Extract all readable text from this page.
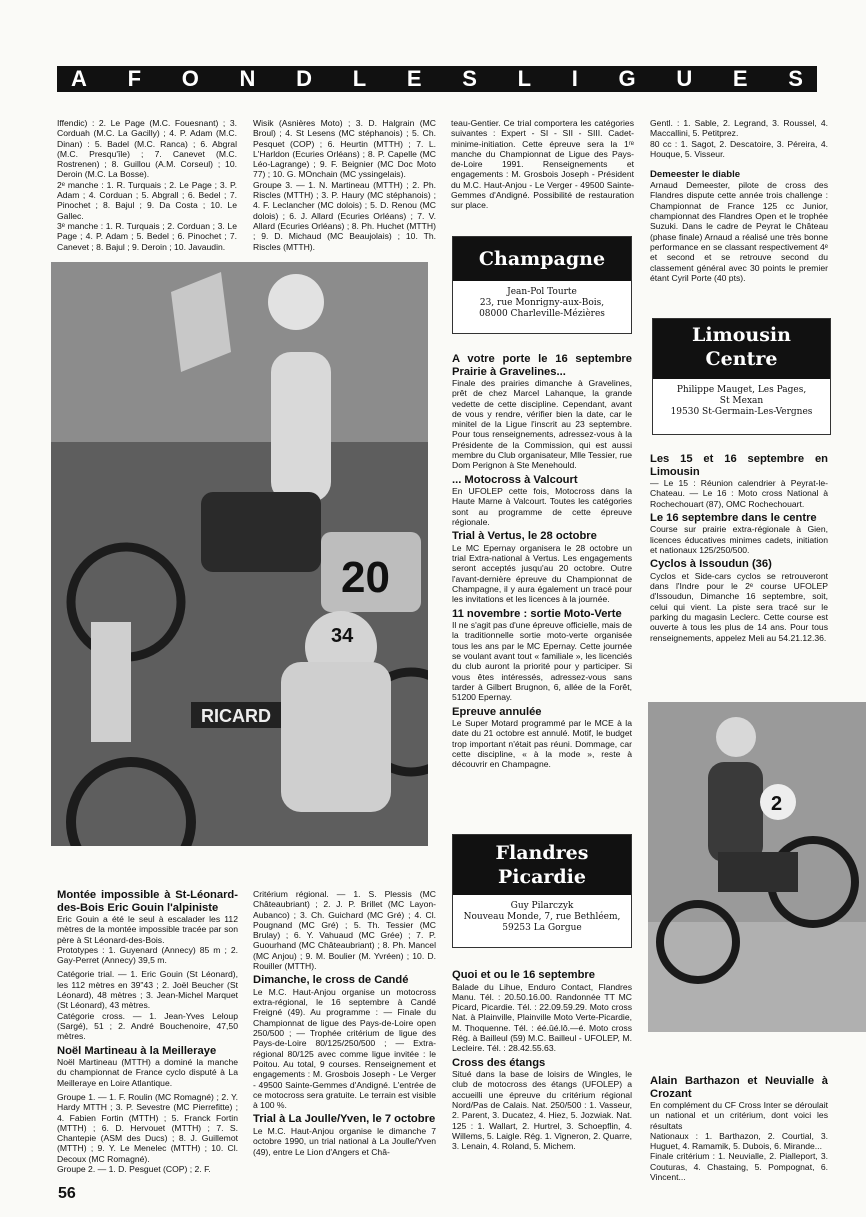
A F O N D L E S L I G U E S

Iffendic) : 2. Le Page (M.C. Fouesnant) ; 3. Corduah (M.C. La Gacilly) ; 4. P. Adam (M.C. Dinan) : 5. Badel (M.C. Ranca) ; 6. Abgral (M.C. Presqu'île) ; 7. Canevet (M.C. Rostrenen) ; 8. Guillou (A.M. Corseul) ; 10. Deroin (M.C. La Bosse).

2ᵉ manche : 1. R. Turquais ; 2. Le Page ; 3. P. Adam ; 4. Corduan ; 5. Abgrall ; 6. Bedel ; 7. Pinochet ; 8. Bajul ; 9. Da Costa ; 10. Le Gallec.

3ᵉ manche : 1. R. Turquais ; 2. Corduan ; 3. Le Page ; 4. P. Adam ; 5. Bedel ; 6. Pinochet ; 7. Canevet ; 8. Bajul ; 9. Deroin ; 10. Javaudin.

Wisik (Asnières Moto) ; 3. D. Halgrain (MC Broul) ; 4. St Lesens (MC stéphanois) ; 5. Ch. Pesquet (COP) ; 6. Heurtin (MTTH) ; 7. L. L'Harldon (Ecuries Orléans) ; 8. P. Capelle (MC Léo-Lagrange) ; 9. F. Beignier (MC Doc Moto 77) ; 10. G. MOnchain (MC yssingelais).

Groupe 3. — 1. N. Martineau (MTTH) ; 2. Ph. Riscles (MTTH) ; 3. P. Haury (MC stéphanois) ; 4. F. Leclancher (MC dolois) ; 5. D. Renou (MC dolois) ; 6. J. Allard (Ecuries Orléans) ; 7. V. Allard (Ecuries Orléans) ; 8. Ph. Huchet (MTTH) ; 9. D. Michaud (MC Beaujolais) ; 10. Th. Riscles (MTTH).

teau-Gentier. Ce trial comportera les catégories suivantes : Expert - SI - SII - SIII. Cadet-minime-initiation. Cette épreuve sera la 1ʳᵉ manche du Championnat de Ligue des Pays-de-Loire 1991. Renseignements et engagements : M. Grosbois Joseph - Président du M.C. Haut-Anjou - Le Verger - 49500 Sainte-Gemmes d'Andigné. Possibilité de restauration sur place.

20
34
RICARD
Champagne
Jean-Pol Tourte
23, rue Monrigny-aux-Bois,
08000 Charleville-Mézières

A votre porte le 16 septembre Prairie à Gravelines...

Finale des prairies dimanche à Gravelines, prêt de chez Marcel Lahanque, la grande vedette de cette discipline. Cependant, avant de vous y rendre, vérifier bien la date, car le minitel de la Ligue l'inscrit au 23 septembre. Pour tous renseignements, adressez-vous à la Présidente de la Commission, qui est aussi membre du Club organisateur, Mlle Tessier, rue Dom Perignon à Ste Menehould.

... Motocross à Valcourt

En UFOLEP cette fois, Motocross dans la Haute Marne à Valcourt. Toutes les catégories sont au programme de cette épreuve régionale.

Trial à Vertus, le 28 octobre

Le MC Epernay organisera le 28 octobre un trial Extra-national à Vertus. Les engagements seront acceptés jusqu'au 20 octobre. Outre l'avant-dernière épreuve du Championnat de Champagne, il y aura également un tracé pour les invitations et les licences à la journée.

11 novembre : sortie Moto-Verte

Il ne s'agit pas d'une épreuve officielle, mais de la traditionnelle sortie moto-verte organisée tous les ans par le MC Epernay. Cette journée se voulant avant tout « familiale », les licenciés du club auront la priorité pour y participer. Si vous êtes intéressés, adressez-vous sans tarder à Gilbert Brugnon, 6, allée de la Forêt, 51200 Epernay.

Epreuve annulée

Le Super Motard programmé par le MCE à la date du 21 octobre est annulé. Motif, le budget trop important n'était pas réuni. Dommage, car cette discipline, « à la mode », reste à découvrir en Champagne.

Gentl. : 1. Sable, 2. Legrand, 3. Roussel, 4. Maccallini, 5. Petitprez.

80 cc : 1. Sagot, 2. Descatoire, 3. Péreira, 4. Houque, 5. Visseur.

Demeester le diable

Arnaud Demeester, pilote de cross des Flandres dispute cette année trois challenge : Championnat de France 125 cc Junior, championnat des Flandres Open et le trophée Suzuki. Dans le cadre de Peyrat le Château (phase finale) Arnaud a réalisé une très bonne performance en se classant respectivement 4ᵉ et second et se retrouve second du classement général avec 30 points le premier étant Cyril Porte (40 pts).

Limousin
Centre
Philippe Mauget, Les Pages,
St Mexan
19530 St-Germain-Les-Vergnes

Les 15 et 16 septembre en Limousin

— Le 15 : Réunion calendrier à Peyrat-le-Chateau. — Le 16 : Moto cross National à Rochechouart (87), OMC Rochechouart.

Le 16 septembre dans le centre

Course sur prairie extra-régionale à Gien, licences éducatives minimes cadets, initiation et nationaux 125/250/500.

Cyclos à Issoudun (36)

Cyclos et Side-cars cyclos se retrouveront dans l'Indre pour le 2ᵉ course UFOLEP d'Issoudun, Dimanche 16 septembre, soit, celui qui vient. La piste sera tracé sur le parking du magasin Leclerc. Cette course est ouverte à tous les plus de 14 ans. Pour tous renseignements, appelez Meli au 54.21.12.36.

2

Alain Barthazon et Neuvialle à Crozant

En complément du CF Cross Inter se déroulait un national et un critérium, dont voici les résultats

Nationaux : 1. Barthazon, 2. Courtial, 3. Huguet, 4. Ramamik, 5. Dubois, 6. Mirande...

Finale critérium : 1. Neuvialle, 2. Pialleport, 3. Couturas, 4. Chastaing, 5. Pompognat, 6. Vincent...

Montée impossible à St-Léonard-des-Bois Eric Gouin l'alpiniste

Eric Gouin a été le seul à escalader les 112 mètres de la montée impossible tracée par son père à St Léonard-des-Bois.

Prototypes : 1. Guyenard (Annecy) 85 m ; 2. Gay-Perret (Annecy) 39,5 m.

Catégorie trial. — 1. Eric Gouin (St Léonard), les 112 mètres en 39"43 ; 2. Joël Beucher (St Léonard), 48 mètres ; 3. Jean-Michel Marquet (St Léonard), 43 mètres.

Catégorie cross. — 1. Jean-Yves Leloup (Sargé), 51 ; 2. André Bouchenoire, 47,50 mètres.

Noël Martineau à la Meilleraye

Noël Martineau (MTTH) a dominé la manche du championnat de France cyclo disputé à La Meilleraye en Loire Atlantique.

Groupe 1. — 1. F. Roulin (MC Romagné) ; 2. Y. Hardy MTTH ; 3. P. Sevestre (MC Pierrefitte) ; 4. Fabien Fortin (MTTH) ; 5. Franck Fortin (MTTH) ; 6. D. Hervouet (MTTH) ; 7. S. Chantepie (ASM des Ducs) ; 8. J. Guillemot (MTTH) ; 9. Y. Le Menelec (MTTH) ; 10. Cl. Decoux (MC Romagné).

Groupe 2. — 1. D. Pesguet (COP) ; 2. F.

Critérium régional. — 1. S. Plessis (MC Châteaubriant) ; 2. J. P. Brillet (MC Layon-Aubanco) ; 3. Ch. Guichard (MC Gré) ; 4. Cl. Pougnand (MC Gré) ; 5. Th. Tessier (MC Brulay) ; 6. Y. Vahuaud (MC Grée) ; 7. P. Guourhand (MC Châteaubriant) ; 8. Ph. Mancel (MC Anjou) ; 9. M. Boulier (M. Yvréen) ; 10. D. Rouiller (MTTH).

Dimanche, le cross de Candé

Le M.C. Haut-Anjou organise un motocross extra-régional, le 16 septembre à Candé Freigné (49). Au programme : — Finale du Championnat de ligue des Pays-de-Loire open 250/500 ; — Trophée critérium de ligue des Pays-de-Loire 80/125/250/500 ; — Extra-régional 80/125 avec comme ligue invitée : le Poitou. Au total, 9 courses. Renseignement et engagements : M. Grosbois Joseph - Le Verger - 49500 Sainte-Gemmes d'Andigné. L'entrée de ce motocross sera gratuite. Le terrain est visible à 100 %.

Trial à La Joulle/Yven, le 7 octobre

Le M.C. Haut-Anjou organise le dimanche 7 octobre 1990, un trial national à La Joulle/Yven (49), entre Le Lion d'Angers et Châ-

Flandres
Picardie
Guy Pilarczyk
Nouveau Monde, 7, rue Bethléem,
59253 La Gorgue

Quoi et ou le 16 septembre

Balade du Lihue, Enduro Contact, Flandres Manu. Tél. : 20.50.16.00. Randonnée TT MC Picard, Picardie. Tél. : 22.09.59.29. Moto cross Nat. à Plainville, Plainville Moto Verte-Picardie, M. Thoquenne. Tél. : éé.ûé.lô.—é. Moto cross Rég. à Bailleul (59) M.C. Bailleul - UFOLEP, M. Lecleire. Tél. : 28.42.55.63.

Cross des étangs

Situé dans la base de loisirs de Wingles, le club de motocross des étangs (UFOLEP) a accueilli une épreuve du critérium régional Nord/Pas de Calais. Nat. 250/500 : 1. Vasseur, 2. Parent, 3. Ducatez, 4. Hiez, 5. Jozwiak. Nat. 125 : 1. Wallart, 2. Hurtrel, 3. Schoepflin, 4. Willems, 5. Laigle. Rég. 1. Vigneron, 2. Quarre, 3. Lenain, 4. Roland, 5. Michem.

56
